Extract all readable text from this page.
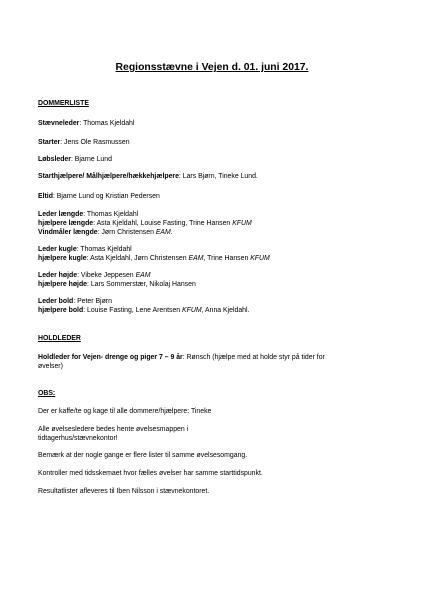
Regionsstævne i Vejen d. 01. juni 2017.
DOMMERLISTE
Stævneleder: Thomas Kjeldahl
Starter: Jens Ole Rasmussen
Løbsleder: Bjarne Lund
Starthjælpere/ Målhjælpere/hækkehjælpere: Lars Bjørn, Tineke Lund.
Eltid: Bjarne Lund og Kristian Pedersen
Leder længde: Thomas Kjeldahl
hjælpere længde: Asta Kjeldahl, Louise Fasting, Trine Hansen KFUM
Vindmåler længde: Jørn Christensen EAM.
Leder kugle: Thomas Kjeldahl
hjælpere kugle: Asta Kjeldahl, Jørn Christensen EAM, Trine Hansen KFUM
Leder højde: Vibeke Jeppesen EAM
hjælpere højde: Lars Sommerstær, Nikolaj Hansen
Leder bold: Peter Bjørn
hjælpere bold: Louise Fasting, Lene Arentsen KFUM, Anna Kjeldahl.
HOLDLEDER
Holdleder for Vejen- drenge og piger 7 – 9 år: Rønsch (hjælpe med at holde styr på tider for
øvelser)
OBS:
Der er kaffe/te og kage til alle dommere/hjælpere: Tineke
Alle øvelsesledere bedes hente øvelsesmappen i
tidtagerhus/stævnekontor!
Bemærk at der nogle gange er flere lister til samme øvelsesomgang.
Kontroller med tidsskemaet hvor fælles øvelser har samme starttidspunkt.
Resultatlister afleveres til Iben Nilsson i stævnekontoret.
